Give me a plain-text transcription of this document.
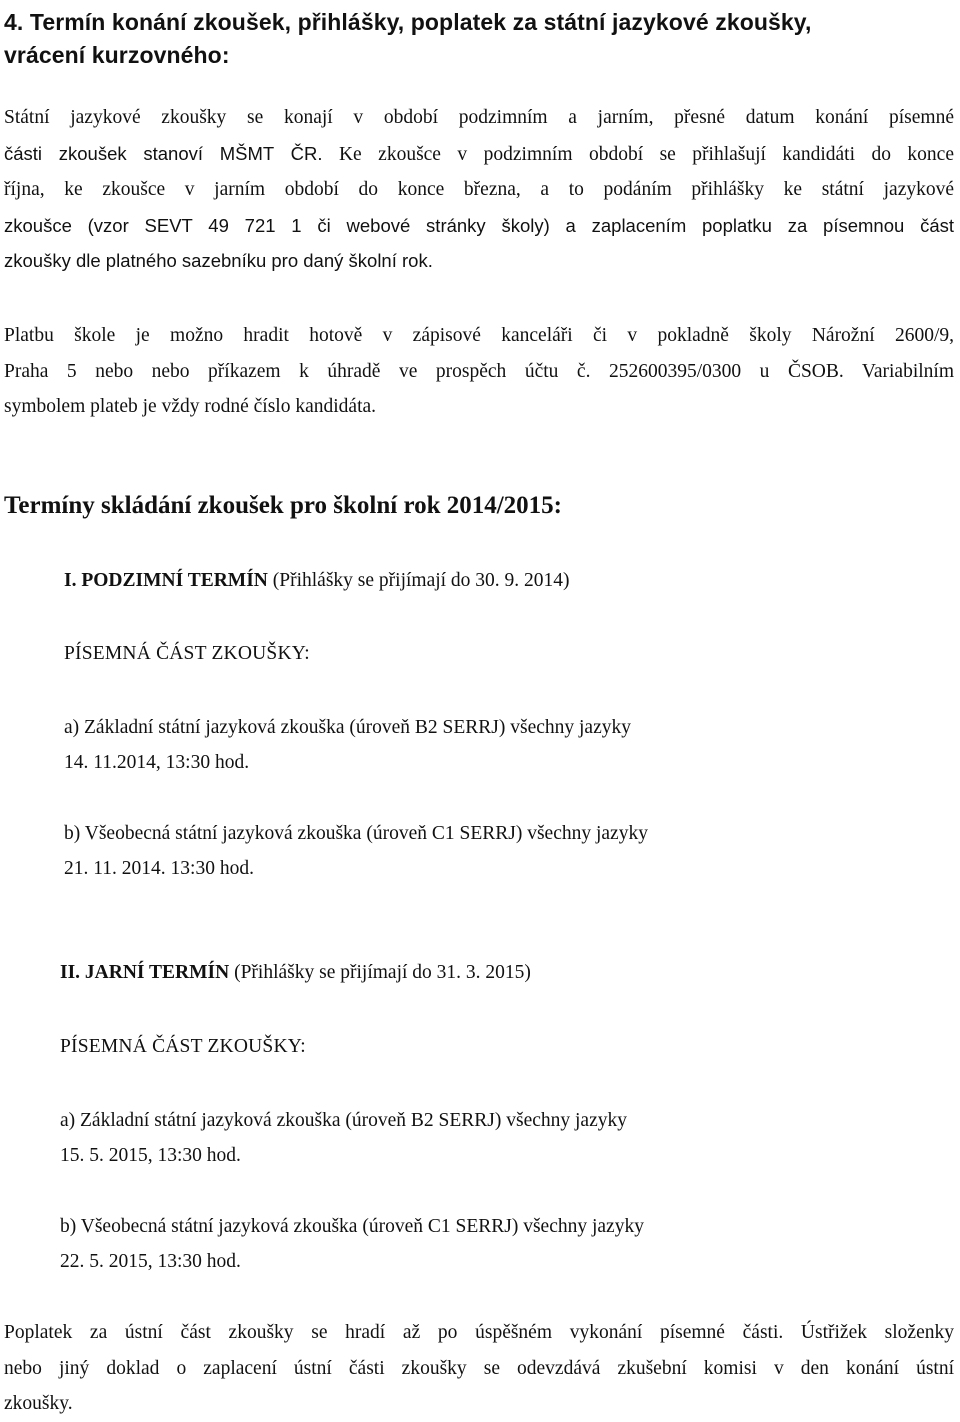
4. Termín konání zkoušek, přihlášky, poplatek za státní jazykové zkoušky,
vrácení kurzovného:
Státní jazykové zkoušky se konají v období podzimním a jarním, přesné datum konání písemné
části zkoušek stanoví MŠMT ČR. Ke zkoušce v podzimním období se přihlašují kandidáti do konce
října, ke zkoušce v jarním období do konce března, a to podáním přihlášky ke státní jazykové
zkoušce (vzor SEVT 49 721 1 či webové stránky školy) a zaplacením poplatku za písemnou část
zkoušky dle platného sazebníku pro daný školní rok.
Platbu škole je možno hradit hotově v zápisové kanceláři či v pokladně školy Nárožní 2600/9,
Praha 5 nebo nebo příkazem k úhradě ve prospěch účtu č. 252600395/0300 u ČSOB. Variabilním
symbolem plateb je vždy rodné číslo kandidáta.
Termíny skládání zkoušek pro školní rok 2014/2015:
I. PODZIMNÍ TERMÍN (Přihlášky se přijímají do 30. 9. 2014)
PÍSEMNÁ ČÁST ZKOUŠKY:
a) Základní státní jazyková zkouška (úroveň B2 SERRJ) všechny jazyky
14. 11.2014, 13:30 hod.
b) Všeobecná státní jazyková zkouška (úroveň C1 SERRJ) všechny jazyky
21. 11. 2014. 13:30 hod.
II. JARNÍ TERMÍN (Přihlášky se přijímají do 31. 3. 2015)
PÍSEMNÁ ČÁST ZKOUŠKY:
a) Základní státní jazyková zkouška (úroveň B2 SERRJ) všechny jazyky
15. 5. 2015, 13:30 hod.
b) Všeobecná státní jazyková zkouška (úroveň C1 SERRJ) všechny jazyky
22. 5. 2015, 13:30 hod.
Poplatek za ústní část zkoušky se hradí až po úspěšném vykonání písemné části. Ústřižek složenky
nebo jiný doklad o zaplacení ústní části zkoušky se odevzdává zkušební komisi v den konání ústní
zkoušky.
